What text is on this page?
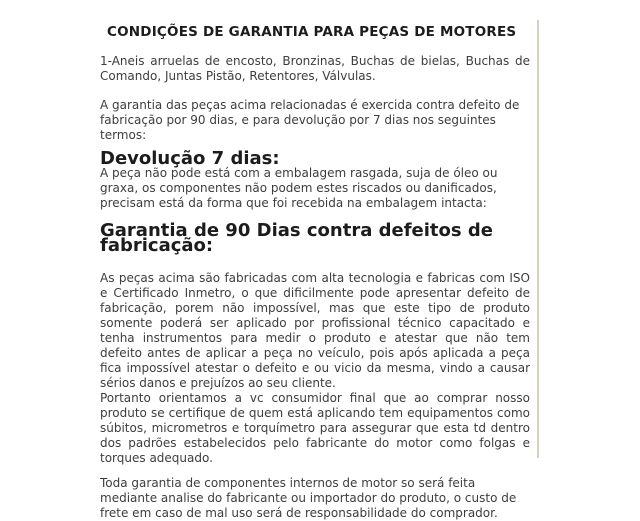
CONDIÇÕES DE GARANTIA PARA PEÇAS DE MOTORES

1-Aneis arruelas de encosto, Bronzinas, Buchas de bielas, Buchas de Comando, Juntas Pistão, Retentores, Válvulas.

A garantia das peças acima relacionadas é exercida contra defeito de fabricação por 90 dias, e para devolução por 7 dias nos seguintes termos:

Devolução 7 dias:

A peça não pode está com a embalagem rasgada, suja de óleo ou graxa, os componentes não podem estes riscados ou danificados, precisam está da forma que foi recebida na embalagem intacta:

Garantia de 90 Dias contra defeitos de fabricação:

As peças acima são fabricadas com alta tecnologia e fabricas com ISO e Certificado Inmetro, o que dificilmente pode apresentar defeito de fabricação, porem não impossível, mas que este tipo de produto somente poderá ser aplicado por profissional técnico capacitado e tenha instrumentos para medir o produto e atestar que não tem defeito antes de aplicar a peça no veículo, pois após aplicada a peça fica impossível atestar o defeito e ou vicio da mesma, vindo a causar sérios danos e prejuízos ao seu cliente.

Portanto orientamos a vc consumidor final que ao comprar nosso produto se certifique de quem está aplicando tem equipamentos como súbitos, micrometros e torquímetro para assegurar que esta td dentro dos padrões estabelecidos pelo fabricante do motor como folgas e torques adequado.

Toda garantia de componentes internos de motor so será feita mediante analise do fabricante ou importador do produto, o custo de frete em caso de mal uso será de responsabilidade do comprador.
